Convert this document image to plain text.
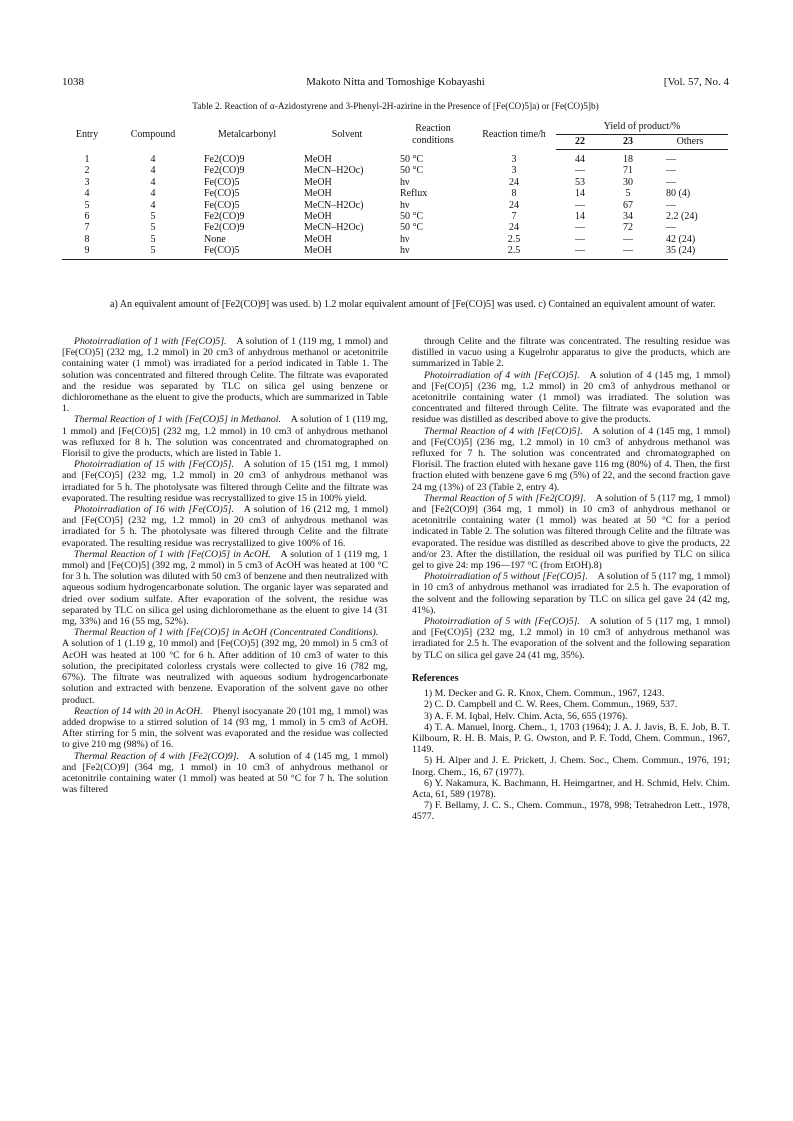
1038	Makoto Nitta and Tomoshige Kobayashi	[Vol. 57, No. 4
Table 2. Reaction of α-Azidostyrene and 3-Phenyl-2H-azirine in the Presence of [Fe(CO)5]a) or [Fe(CO)5]b)
Entry	Compound	Metalcarbonyl	Solvent	Reaction conditions	Reaction time/h	Yield of product/%		
						22	23	Others
1	4	Fe2(CO)9	MeOH	50 °C	3	44	18	—
2	4	Fe2(CO)9	MeCN–H2Oc)	50 °C	3	—	71	—
3	4	Fe(CO)5	MeOH	hν	24	53	30	—
4	4	Fe(CO)5	MeOH	Reflux	8	14	5	80 (4)
5	4	Fe(CO)5	MeCN–H2Oc)	hν	24	—	67	—
6	5	Fe2(CO)9	MeOH	50 °C	7	14	34	2.2 (24)
7	5	Fe2(CO)9	MeCN–H2Oc)	50 °C	24	—	72	—
8	5	None	MeOH	hν	2.5	—	—	42 (24)
9	5	Fe(CO)5	MeOH	hν	2.5	—	—	35 (24)
a) An equivalent amount of [Fe2(CO)9] was used. b) 1.2 molar equivalent amount of [Fe(CO)5] was used. c) Contained an equivalent amount of water.

Photoirradiation of 1 with [Fe(CO)5].  A solution of 1 (119 mg, 1 mmol) and [Fe(CO)5] (232 mg, 1.2 mmol) in 20 cm3 of anhydrous methanol or acetonitrile containing water (1 mmol) was irradiated for a period indicated in Table 1. The solution was concentrated and filtered through Celite. The filtrate was evaporated and the residue was separated by TLC on silica gel using benzene or dichloromethane as the eluent to give the products, which are summarized in Table 1.

Thermal Reaction of 1 with [Fe(CO)5] in Methanol.  A solution of 1 (119 mg, 1 mmol) and [Fe(CO)5] (232 mg, 1.2 mmol) in 10 cm3 of anhydrous methanol was refluxed for 8 h. The solution was concentrated and chromatographed on Florisil to give the products, which are listed in Table 1.

Photoirradiation of 15 with [Fe(CO)5].  A solution of 15 (151 mg, 1 mmol) and [Fe(CO)5] (232 mg, 1.2 mmol) in 20 cm3 of anhydrous methanol was irradiated for 5 h. The photolysate was filtered through Celite and the filtrate was evaporated. The resulting residue was recrystallized to give 15 in 100% yield.

Photoirradiation of 16 with [Fe(CO)5].  A solution of 16 (212 mg, 1 mmol) and [Fe(CO)5] (232 mg, 1.2 mmol) in 20 cm3 of anhydrous methanol was irradiated for 5 h. The photolysate was filtered through Celite and the filtrate evaporated. The resulting residue was recrystallized to give 100% of 16.

Thermal Reaction of 1 with [Fe(CO)5] in AcOH.  A solution of 1 (119 mg, 1 mmol) and [Fe(CO)5] (392 mg, 2 mmol) in 5 cm3 of AcOH was heated at 100 °C for 3 h. The solution was diluted with 50 cm3 of benzene and then neutralized with aqueous sodium hydrogencarbonate solution. The organic layer was separated and dried over sodium sulfate. After evaporation of the solvent, the residue was separated by TLC on silica gel using dichloromethane as the eluent to give 14 (31 mg, 33%) and 16 (55 mg, 52%).

Thermal Reaction of 1 with [Fe(CO)5] in AcOH (Concentrated Conditions). A solution of 1 (1.19 g, 10 mmol) and [Fe(CO)5] (392 mg, 20 mmol) in 5 cm3 of AcOH was heated at 100 °C for 6 h. After addition of 10 cm3 of water to this solution, the precipitated colorless crystals were collected to give 16 (782 mg, 67%). The filtrate was neutralized with aqueous sodium hydrogencarbonate solution and extracted with benzene. Evaporation of the solvent gave no other product.

Reaction of 14 with 20 in AcOH.  Phenyl isocyanate 20 (101 mg, 1 mmol) was added dropwise to a stirred solution of 14 (93 mg, 1 mmol) in 5 cm3 of AcOH. After stirring for 5 min, the solvent was evaporated and the residue was collected to give 210 mg (98%) of 16.

Thermal Reaction of 4 with [Fe2(CO)9].  A solution of 4 (145 mg, 1 mmol) and [Fe2(CO)9] (364 mg, 1 mmol) in 10 cm3 of anhydrous methanol or acetonitrile containing water (1 mmol) was heated at 50 °C for 7 h. The solution was filtered

through Celite and the filtrate was concentrated. The resulting residue was distilled in vacuo using a Kugelrohr apparatus to give the products, which are summarized in Table 2.

Photoirradiation of 4 with [Fe(CO)5].  A solution of 4 (145 mg, 1 mmol) and [Fe(CO)5] (236 mg, 1.2 mmol) in 20 cm3 of anhydrous methanol or acetonitrile containing water (1 mmol) was irradiated. The solution was concentrated and filtered through Celite. The filtrate was evaporated and the residue was distilled as described above to give the products.

Thermal Reaction of 4 with [Fe(CO)5].  A solution of 4 (145 mg, 1 mmol) and [Fe(CO)5] (236 mg, 1.2 mmol) in 10 cm3 of anhydrous methanol was refluxed for 7 h. The solution was concentrated and chromatographed on Florisil. The fraction eluted with hexane gave 116 mg (80%) of 4. Then, the first fraction eluted with benzene gave 6 mg (5%) of 22, and the second fraction gave 24 mg (13%) of 23 (Table 2, entry 4).

Thermal Reaction of 5 with [Fe2(CO)9].  A solution of 5 (117 mg, 1 mmol) and [Fe2(CO)9] (364 mg, 1 mmol) in 10 cm3 of anhydrous methanol or acetonitrile containing water (1 mmol) was heated at 50 °C for a period indicated in Table 2. The solution was filtered through Celite and the filtrate was evaporated. The residue was distilled as described above to give the products, 22 and/or 23. After the distillation, the residual oil was purified by TLC on silica gel to give 24: mp 196—197 °C (from EtOH).8)

Photoirradiation of 5 without [Fe(CO)5].  A solution of 5 (117 mg, 1 mmol) in 10 cm3 of anhydrous methanol was irradiated for 2.5 h. The evaporation of the solvent and the following separation by TLC on silica gel gave 24 (42 mg, 41%).

Photoirradiation of 5 with [Fe(CO)5].  A solution of 5 (117 mg, 1 mmol) and [Fe(CO)5] (232 mg, 1.2 mmol) in 10 cm3 of anhydrous methanol was irradiated for 2.5 h. The evaporation of the solvent and the following separation by TLC on silica gel gave 24 (41 mg, 35%).

References

1) M. Decker and G. R. Knox, Chem. Commun., 1967, 1243.

2) C. D. Campbell and C. W. Rees, Chem. Commun., 1969, 537.

3) A. F. M. Iqbal, Helv. Chim. Acta, 56, 655 (1976).

4) T. A. Manuel, Inorg. Chem., 1, 1703 (1964); J. A. J. Javis, B. E. Job, B. T. Kilbourn, R. H. B. Mais, P. G. Owston, and P. F. Todd, Chem. Commun., 1967, 1149.

5) H. Alper and J. E. Prickett, J. Chem. Soc., Chem. Commun., 1976, 191; Inorg. Chem., 16, 67 (1977).

6) Y. Nakamura, K. Bachmann, H. Heimgartner, and H. Schmid, Helv. Chim. Acta, 61, 589 (1978).

7) F. Bellamy, J. C. S., Chem. Commun., 1978, 998; Tetrahedron Lett., 1978, 4577.
